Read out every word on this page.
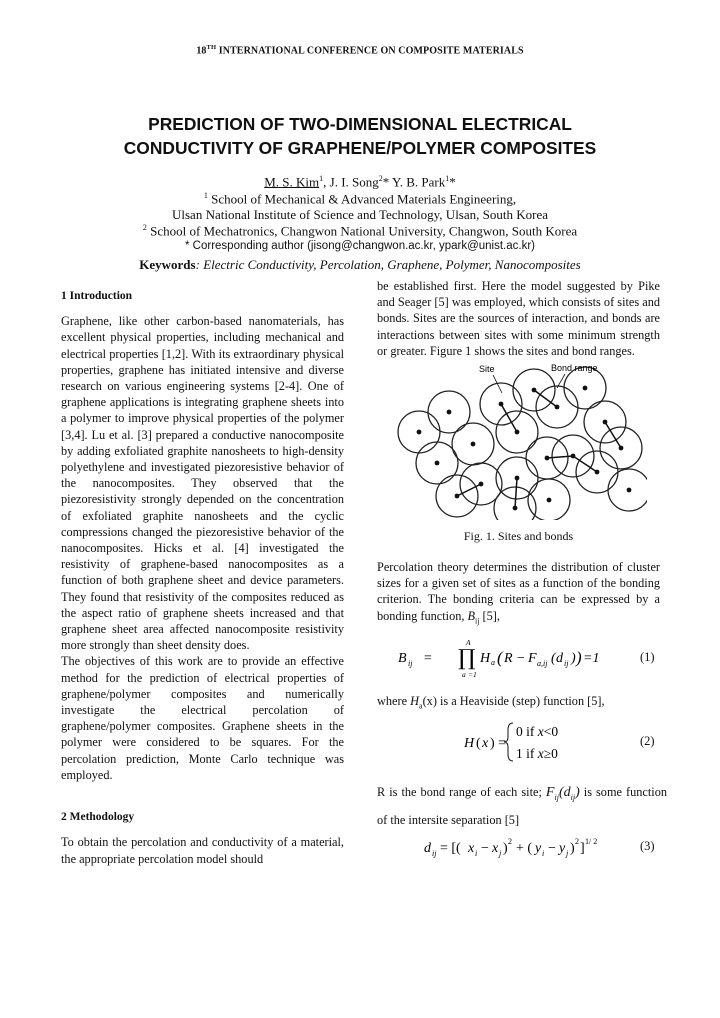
18TH INTERNATIONAL CONFERENCE ON COMPOSITE MATERIALS
PREDICTION OF TWO-DIMENSIONAL ELECTRICAL
CONDUCTIVITY OF GRAPHENE/POLYMER COMPOSITES
M. S. Kim$^1$, J. I. Song$^2$* Y. B. Park$^1$*
$^1$ School of Mechanical & Advanced Materials Engineering,
Ulsan National Institute of Science and Technology, Ulsan, South Korea
$^2$ School of Mechatronics, Changwon National University, Changwon, South Korea
* Corresponding author (jisong@changwon.ac.kr, ypark@unist.ac.kr)
Keywords: Electric Conductivity, Percolation, Graphene, Polymer, Nanocomposites

1 Introduction

Graphene, like other carbon-based nanomaterials, has excellent physical properties, including mechanical and electrical properties [1,2]. With its extraordinary physical properties, graphene has initiated intensive and diverse research on various engineering systems [2-4]. One of graphene applications is integrating graphene sheets into a polymer to improve physical properties of the polymer [3,4]. Lu et al. [3] prepared a conductive nanocomposite by adding exfoliated graphite nanosheets to high-density polyethylene and investigated piezoresistive behavior of the nanocomposites. They observed that the piezoresistivity strongly depended on the concentration of exfoliated graphite nanosheets and the cyclic compressions changed the piezoresistive behavior of the nanocomposites. Hicks et al. [4] investigated the resistivity of graphene-based nanocomposites as a function of both graphene sheet and device parameters. They found that resistivity of the composites reduced as the aspect ratio of graphene sheets increased and that graphene sheet area affected nanocomposite resistivity more strongly than sheet density does.

The objectives of this work are to provide an effective method for the prediction of electrical properties of graphene/polymer composites and numerically investigate the electrical percolation of graphene/polymer composites. Graphene sheets in the polymer were considered to be squares. For the percolation prediction, Monte Carlo technique was employed.

2 Methodology

To obtain the percolation and conductivity of a material, the appropriate percolation model should

be established first. Here the model suggested by Pike and Seager [5] was employed, which consists of sites and bonds. Sites are the sources of interaction, and bonds are interactions between sites with some minimum strength or greater. Figure 1 shows the sites and bond ranges.

Site	Bond range
Fig. 1. Sites and bonds
Percolation theory determines the distribution of cluster sizes for a given set of sites as a function of the bonding criterion. The bonding criteria can be expressed by a bonding function, $B_{ij}$ [5],
A
B ij = ∏
a =1
H a ( R − F a,ij ( d ij ) ) =1	(1)
where $H_a(x)$ is a Heaviside (step) function [5],
H ( x ) =
0 if x<0
1 if x≥0
(2)
R is the bond range of each site; $F_{ij}(d_{ij})$ is some function of the intersite separation [5]
d ij = [( x i − x j ) 2 + ( y i − y j ) 2 ] 1/ 2	(3)
